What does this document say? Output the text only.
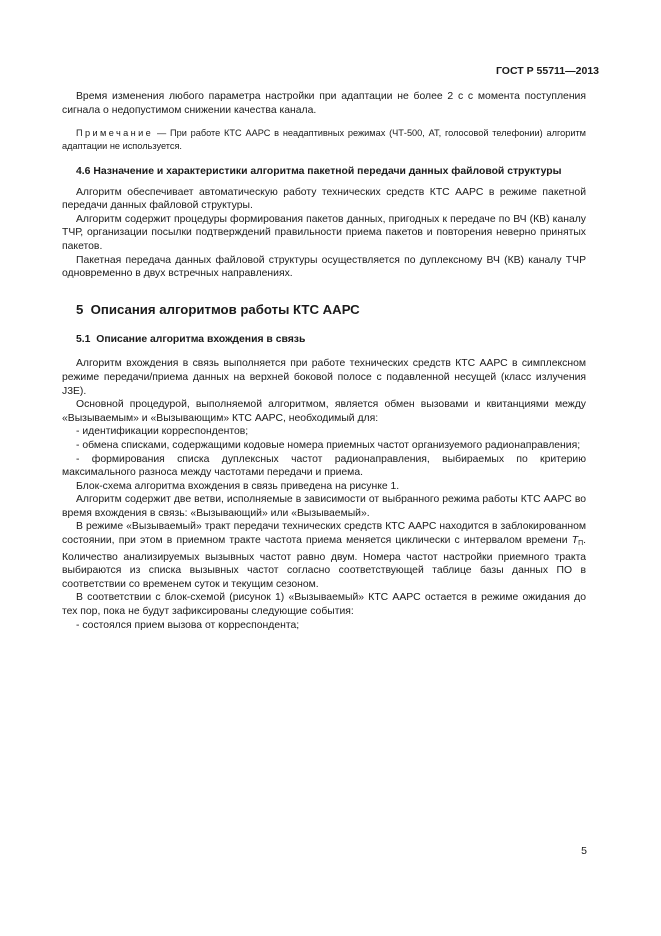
ГОСТ Р 55711—2013

Время изменения любого параметра настройки при адаптации не более 2 с с момента поступления сигнала о недопустимом снижении качества канала.

Примечание — При работе КТС ААРС в неадаптивных режимах (ЧТ-500, АТ, голосовой телефонии) алгоритм адаптации не используется.

4.6 Назначение и характеристики алгоритма пакетной передачи данных файловой структуры

Алгоритм обеспечивает автоматическую работу технических средств КТС ААРС в режиме пакетной передачи данных файловой структуры.

Алгоритм содержит процедуры формирования пакетов данных, пригодных к передаче по ВЧ (КВ) каналу ТЧР, организации посылки подтверждений правильности приема пакетов и повторения неверно принятых пакетов.

Пакетная передача данных файловой структуры осуществляется по дуплексному ВЧ (КВ) каналу ТЧР одновременно в двух встречных направлениях.

5 Описания алгоритмов работы КТС ААРС

5.1 Описание алгоритма вхождения в связь

Алгоритм вхождения в связь выполняется при работе технических средств КТС ААРС в симплексном режиме передачи/приема данных на верхней боковой полосе с подавленной несущей (класс излучения J3E).

Основной процедурой, выполняемой алгоритмом, является обмен вызовами и квитанциями между «Вызываемым» и «Вызывающим» КТС ААРС, необходимый для:

- идентификации корреспондентов;

- обмена списками, содержащими кодовые номера приемных частот организуемого радионаправления;

- формирования списка дуплексных частот радионаправления, выбираемых по критерию максимального разноса между частотами передачи и приема.

Блок-схема алгоритма вхождения в связь приведена на рисунке 1.

Алгоритм содержит две ветви, исполняемые в зависимости от выбранного режима работы КТС ААРС во время вхождения в связь: «Вызывающий» или «Вызываемый».

В режиме «Вызываемый» тракт передачи технических средств КТС ААРС находится в заблокированном состоянии, при этом в приемном тракте частота приема меняется циклически с интервалом времени $T_П$. Количество анализируемых вызывных частот равно двум. Номера частот настройки приемного тракта выбираются из списка вызывных частот согласно соответствующей таблице базы данных ПО в соответствии со временем суток и текущим сезоном.

В соответствии с блок-схемой (рисунок 1) «Вызываемый» КТС ААРС остается в режиме ожидания до тех пор, пока не будут зафиксированы следующие события:

- состоялся прием вызова от корреспондента;

5
